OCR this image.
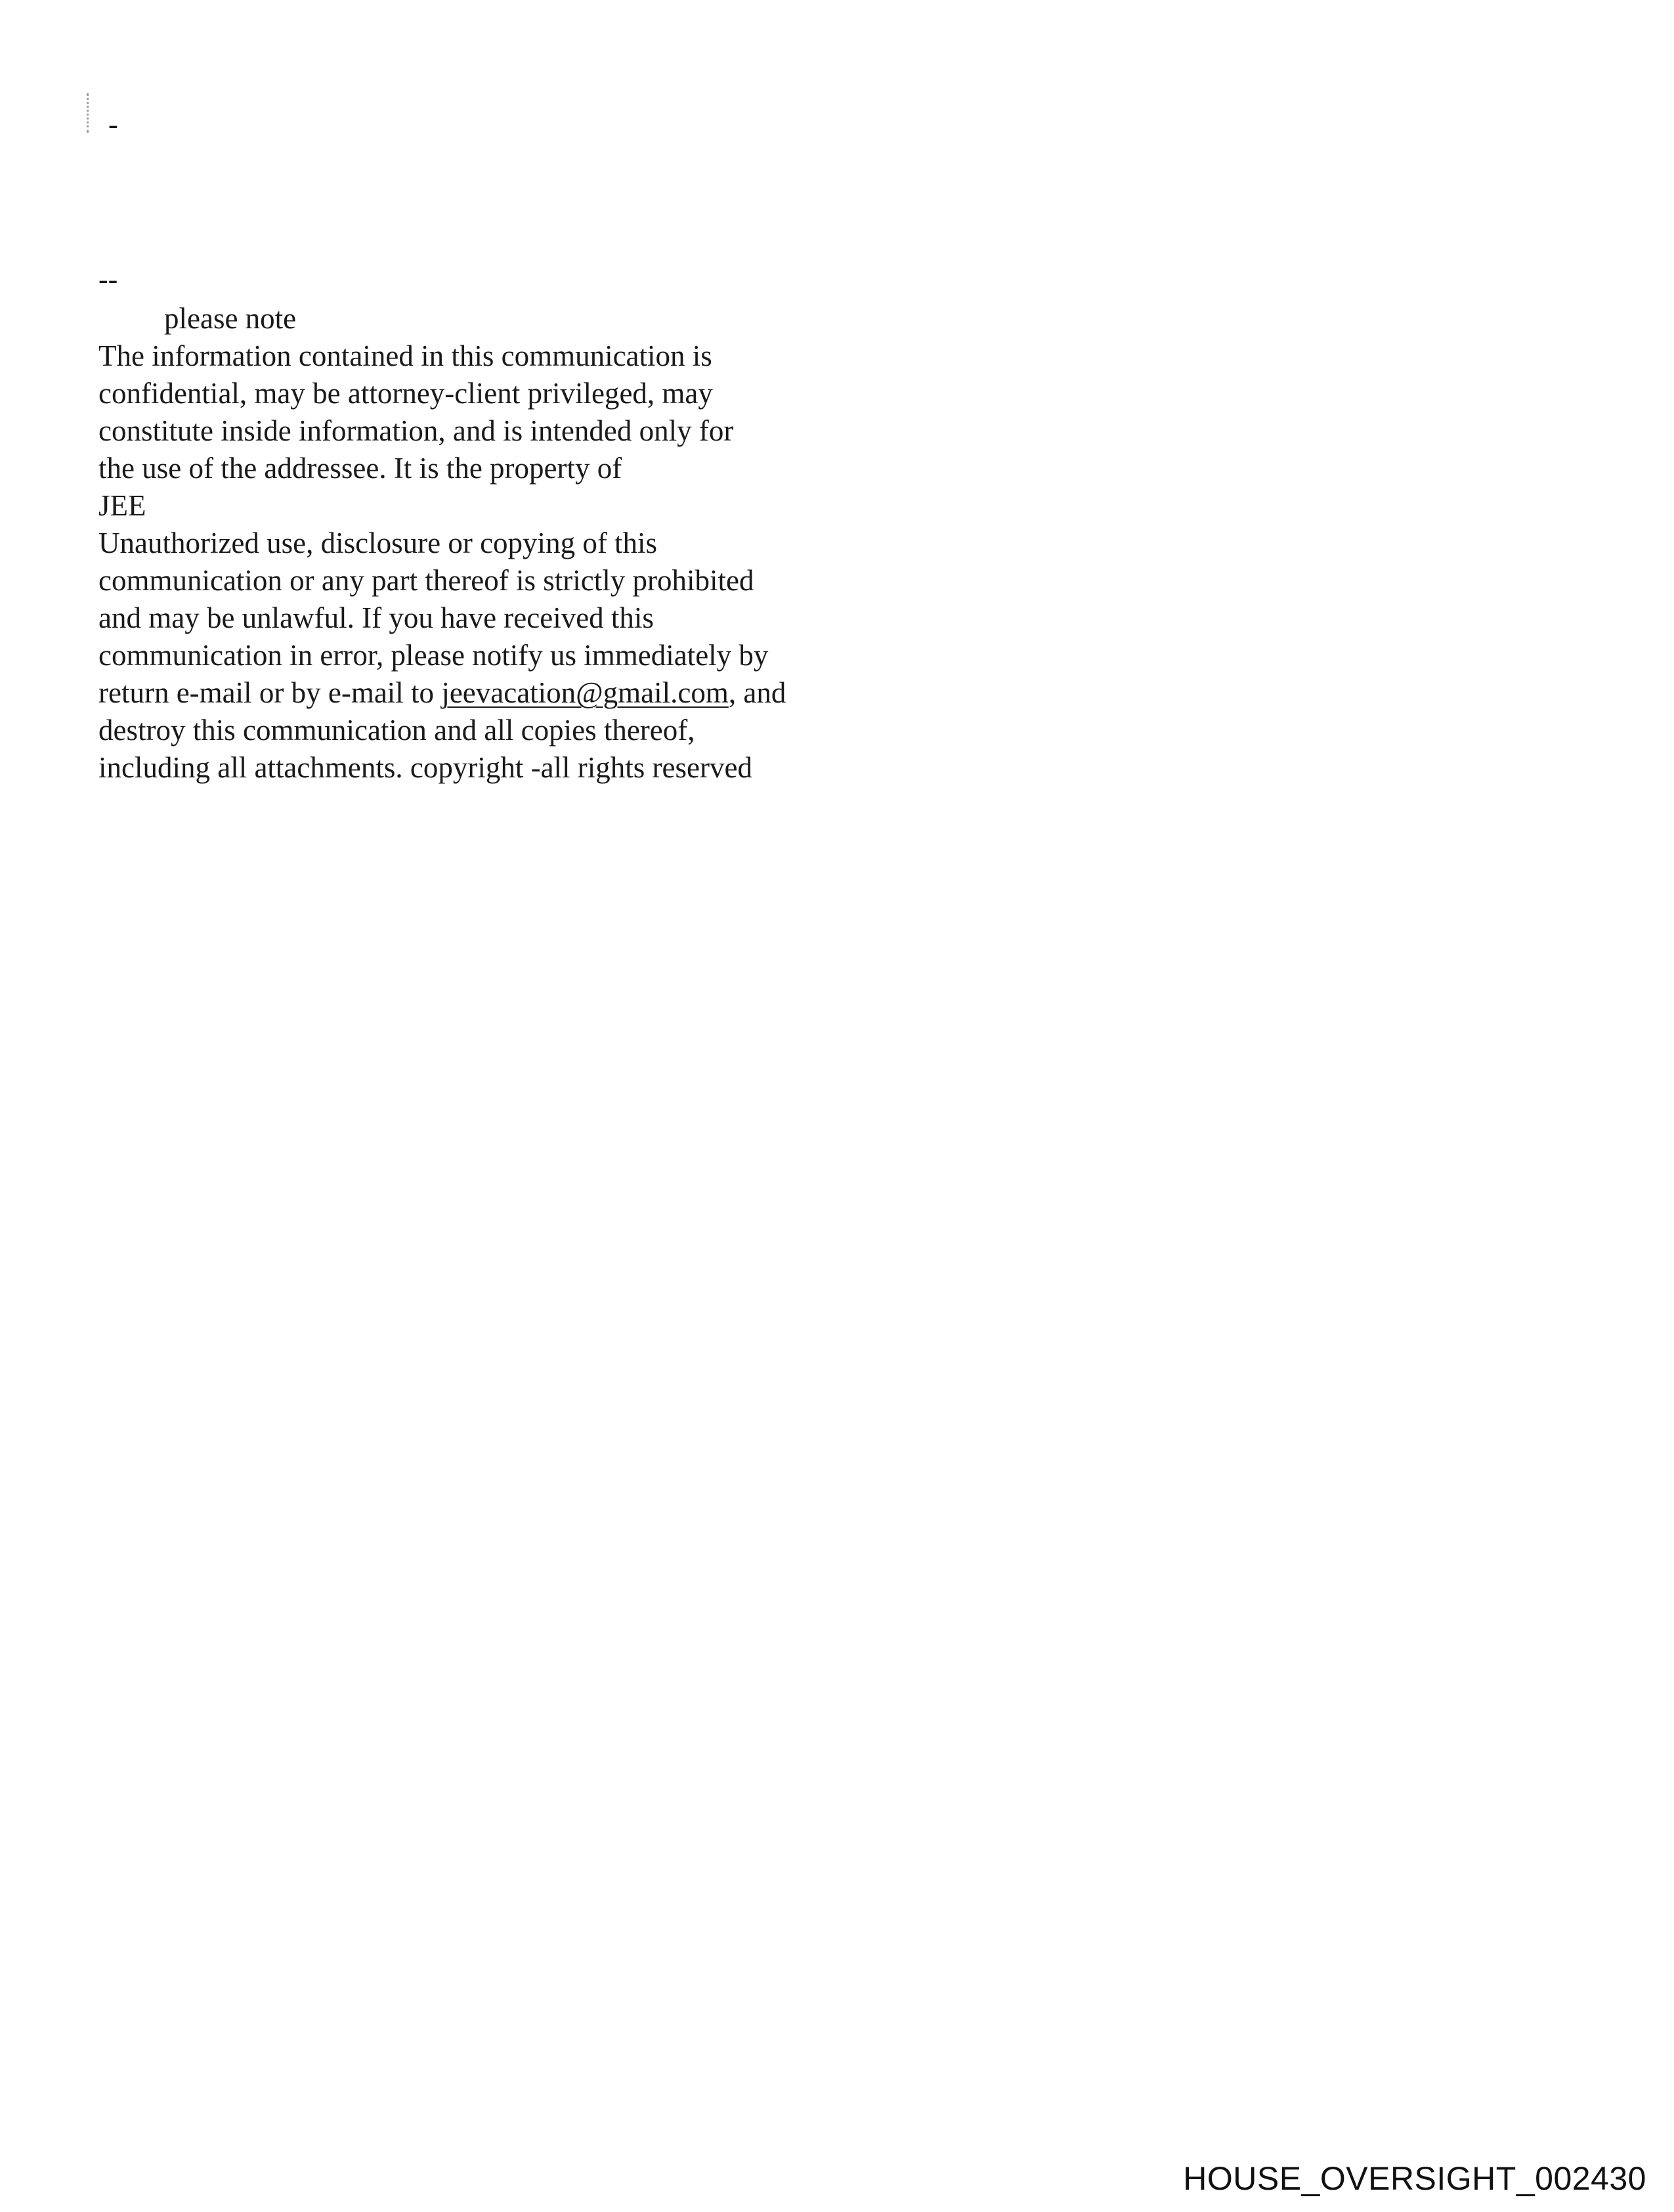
-
--
please note
The information contained in this communication is
confidential, may be attorney-client privileged, may
constitute inside information, and is intended only for
the use of the addressee. It is the property of
JEE
Unauthorized use, disclosure or copying of this
communication or any part thereof is strictly prohibited
and may be unlawful. If you have received this
communication in error, please notify us immediately by
return e-mail or by e-mail to jeevacation@gmail.com, and
destroy this communication and all copies thereof,
including all attachments. copyright -all rights reserved
HOUSE_OVERSIGHT_002430
